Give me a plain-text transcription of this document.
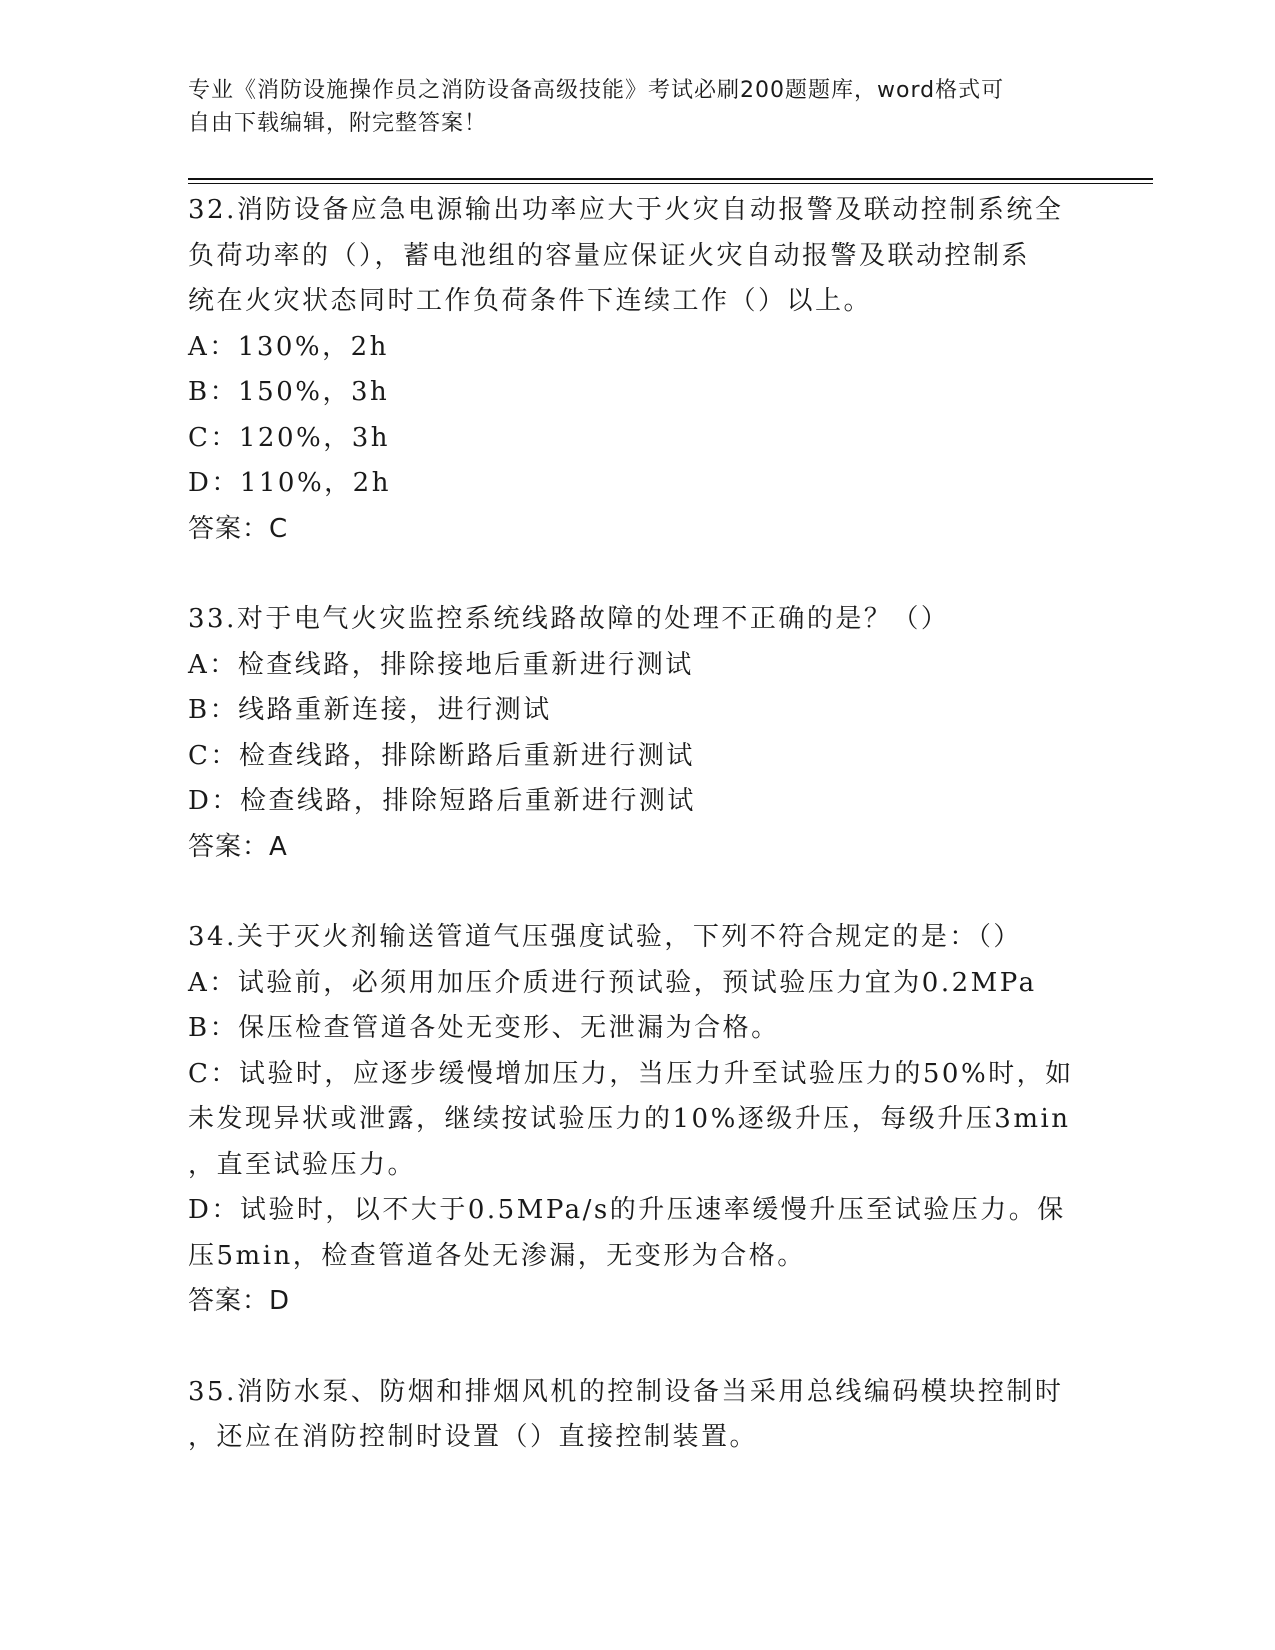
专业《消防设施操作员之消防设备高级技能》考试必刷200题题库，word格式可
自由下载编辑，附完整答案！
32.消防设备应急电源输出功率应大于火灾自动报警及联动控制系统全
负荷功率的（），蓄电池组的容量应保证火灾自动报警及联动控制系
统在火灾状态同时工作负荷条件下连续工作（）以上。
A：130%，2h
B：150%，3h
C：120%，3h
D：110%，2h
答案：C
33.对于电气火灾监控系统线路故障的处理不正确的是？（）
A：检查线路，排除接地后重新进行测试
B：线路重新连接，进行测试
C：检查线路，排除断路后重新进行测试
D：检查线路，排除短路后重新进行测试
答案：A
34.关于灭火剂输送管道气压强度试验，下列不符合规定的是：（）
A：试验前，必须用加压介质进行预试验，预试验压力宜为0.2MPa
B：保压检查管道各处无变形、无泄漏为合格。
C：试验时，应逐步缓慢增加压力，当压力升至试验压力的50%时，如
未发现异状或泄露，继续按试验压力的10%逐级升压，每级升压3min
，直至试验压力。
D：试验时，以不大于0.5MPa/s的升压速率缓慢升压至试验压力。保
压5min，检查管道各处无渗漏，无变形为合格。
答案：D
35.消防水泵、防烟和排烟风机的控制设备当采用总线编码模块控制时
，还应在消防控制时设置（）直接控制装置。
